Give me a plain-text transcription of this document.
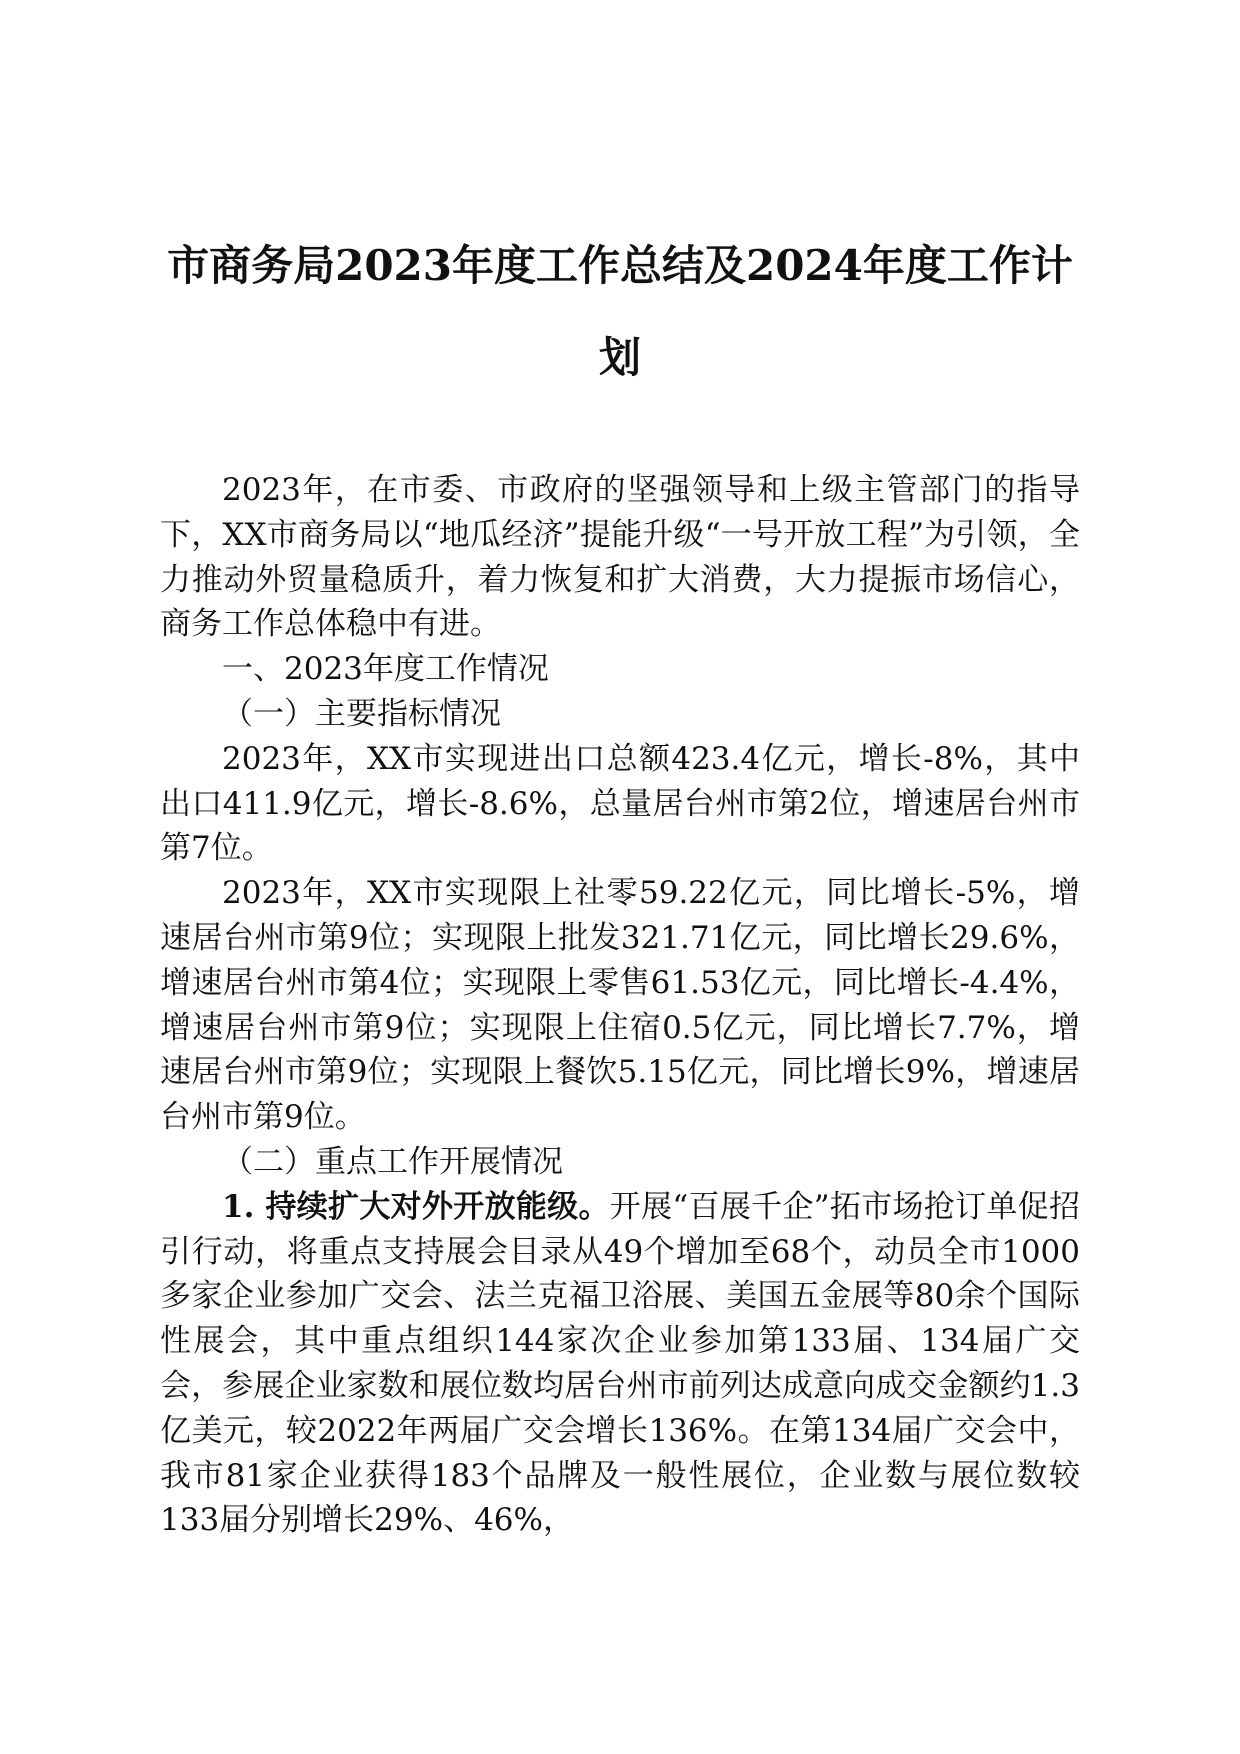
市商务局2023年度工作总结及2024年度工作计划

2023年，在市委、市政府的坚强领导和上级主管部门的指导下，XX市商务局以“地瓜经济”提能升级“一号开放工程”为引领，全力推动外贸量稳质升，着力恢复和扩大消费，大力提振市场信心，商务工作总体稳中有进。

一、2023年度工作情况

（一）主要指标情况

2023年，XX市实现进出口总额423.4亿元，增长-8%，其中出口411.9亿元，增长-8.6%，总量居台州市第2位，增速居台州市第7位。

2023年，XX市实现限上社零59.22亿元，同比增长-5%，增速居台州市第9位；实现限上批发321.71亿元，同比增长29.6%，增速居台州市第4位；实现限上零售61.53亿元，同比增长-4.4%，增速居台州市第9位；实现限上住宿0.5亿元，同比增长7.7%，增速居台州市第9位；实现限上餐饮5.15亿元，同比增长9%，增速居台州市第9位。

（二）重点工作开展情况

1. 持续扩大对外开放能级。开展“百展千企”拓市场抢订单促招引行动，将重点支持展会目录从49个增加至68个，动员全市1000多家企业参加广交会、法兰克福卫浴展、美国五金展等80余个国际性展会，其中重点组织144家次企业参加第133届、134届广交会，参展企业家数和展位数均居台州市前列达成意向成交金额约1.3亿美元，较2022年两届广交会增长136%。在第134届广交会中，我市81家企业获得183个品牌及一般性展位，企业数与展位数较133届分别增长29%、46%，
